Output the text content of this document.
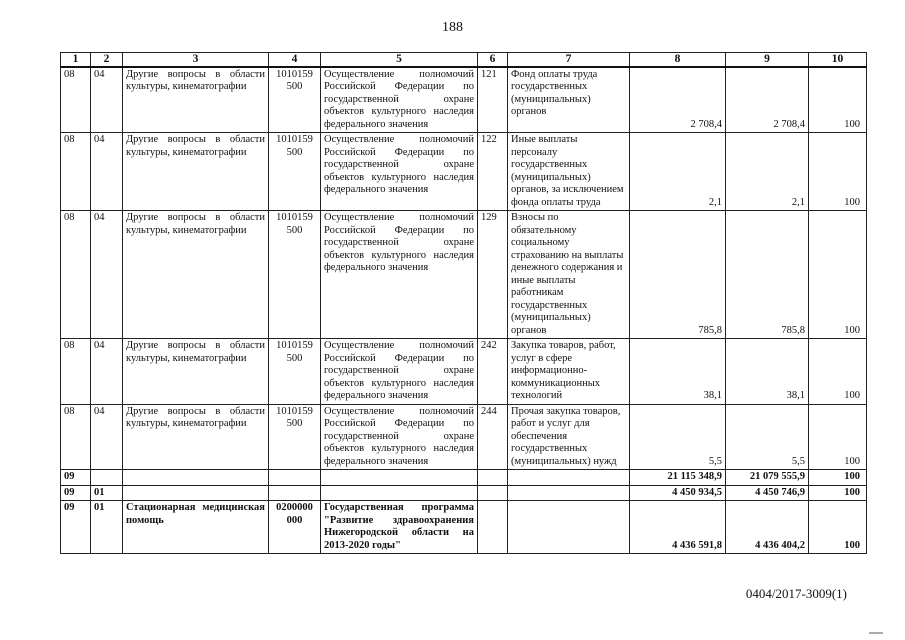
188
1	2	3	4	5	6	7	8	9	10
08	04	Другие вопросы в области культуры, кинематографии	1010159 500	Осуществление полномочий Российской Федерации по государственной охране объектов культурного наследия федерального значения	121	Фонд оплаты труда государственных (муниципальных) органов	2 708,4	2 708,4	100
08	04	Другие вопросы в области культуры, кинематографии	1010159 500	Осуществление полномочий Российской Федерации по государственной охране объектов культурного наследия федерального значения	122	Иные выплаты персоналу государственных (муниципальных) органов, за исключением фонда оплаты труда	2,1	2,1	100
08	04	Другие вопросы в области культуры, кинематографии	1010159 500	Осуществление полномочий Российской Федерации по государственной охране объектов культурного наследия федерального значения	129	Взносы по обязательному социальному страхованию на выплаты денежного содержания и иные выплаты работникам государственных (муниципальных) органов	785,8	785,8	100
08	04	Другие вопросы в области культуры, кинематографии	1010159 500	Осуществление полномочий Российской Федерации по государственной охране объектов культурного наследия федерального значения	242	Закупка товаров, работ, услуг в сфере информационно-коммуникационных технологий	38,1	38,1	100
08	04	Другие вопросы в области культуры, кинематографии	1010159 500	Осуществление полномочий Российской Федерации по государственной охране объектов культурного наследия федерального значения	244	Прочая закупка товаров, работ и услуг для обеспечения государственных (муниципальных) нужд	5,5	5,5	100
09							21 115 348,9	21 079 555,9	100
09	01						4 450 934,5	4 450 746,9	100
09	01	Стационарная медицинская помощь	0200000 000	Государственная программа "Развитие здравоохранения Нижегородской области на 2013-2020 годы"			4 436 591,8	4 436 404,2	100
0404/2017-3009(1)
